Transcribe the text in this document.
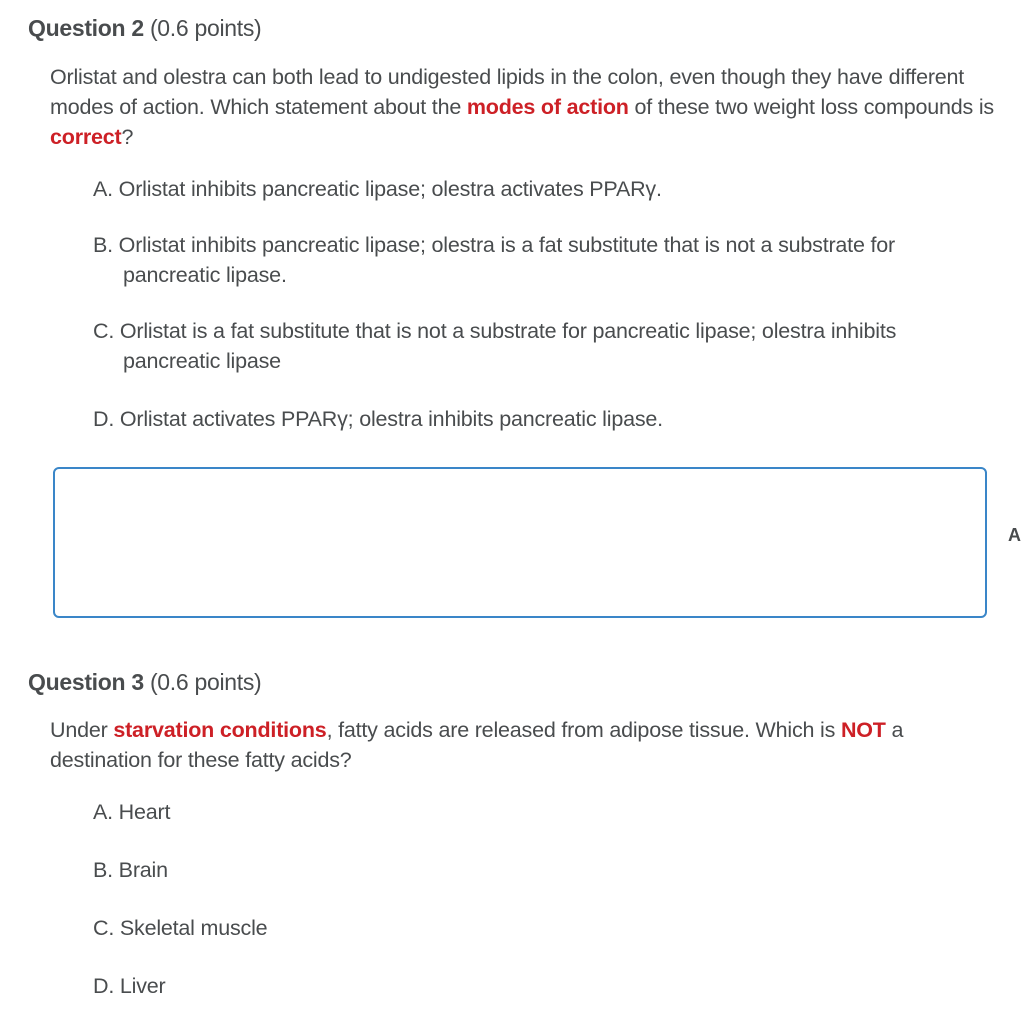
Question 2 (0.6 points)
Orlistat and olestra can both lead to undigested lipids in the colon, even though they have different modes of action. Which statement about the modes of action of these two weight loss compounds is correct?
A. Orlistat inhibits pancreatic lipase; olestra activates PPARγ.
B. Orlistat inhibits pancreatic lipase; olestra is a fat substitute that is not a substrate for pancreatic lipase.
C. Orlistat is a fat substitute that is not a substrate for pancreatic lipase; olestra inhibits pancreatic lipase
D. Orlistat activates PPARγ; olestra inhibits pancreatic lipase.
A
Question 3 (0.6 points)
Under starvation conditions, fatty acids are released from adipose tissue. Which is NOT a destination for these fatty acids?
A. Heart
B. Brain
C. Skeletal muscle
D. Liver
